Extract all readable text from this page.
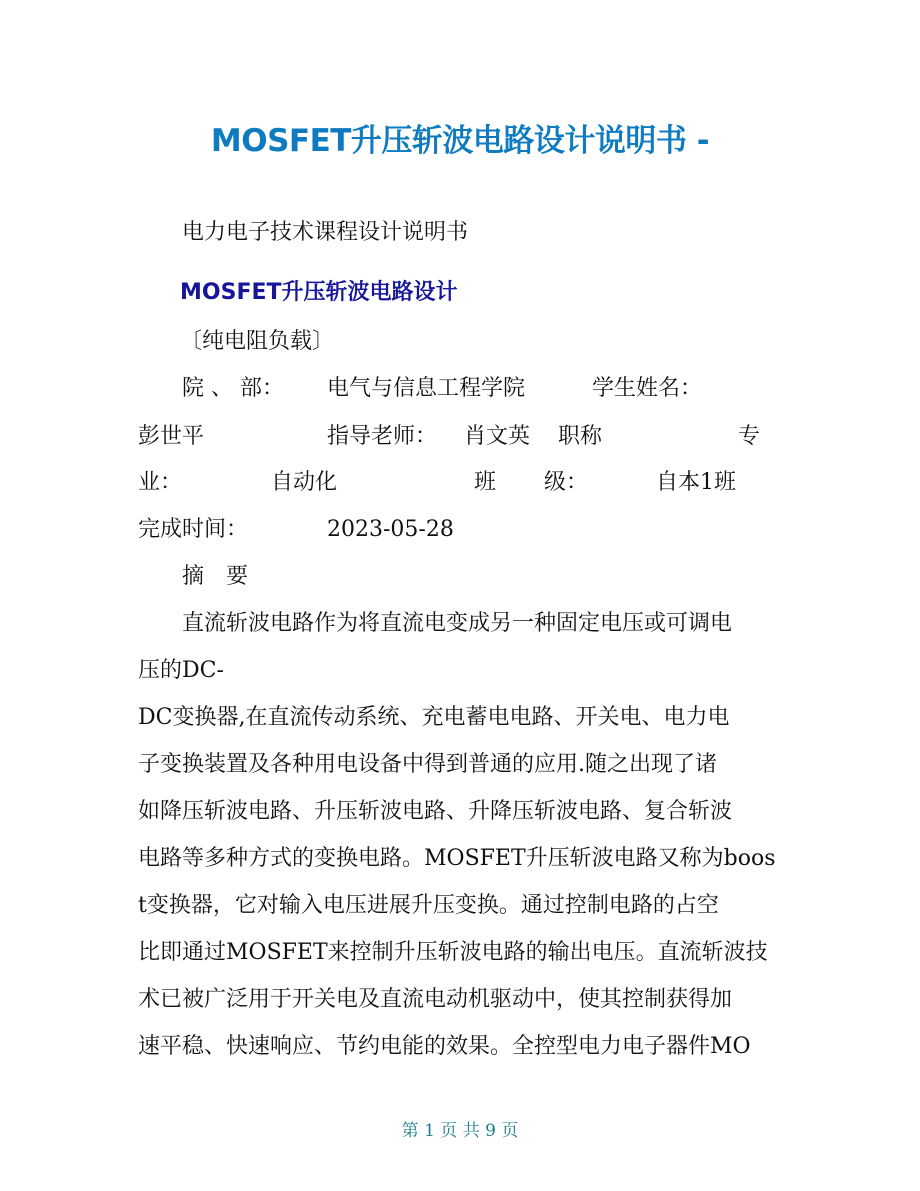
MOSFET升压斩波电路设计说明书 -
电力电子技术课程设计说明书
MOSFET升压斩波电路设计
〔纯电阻负载〕
院 、 部： 电气与信息工程学院	学生姓名：
彭世平	指导老师： 肖文英 职称	专
业：	自动化	班 级：	自本1班
完成时间：	2023-05-28
摘　要
　　直流斩波电路作为将直流电变成另一种固定电压或可调电
压的DC-
DC变换器,在直流传动系统、充电蓄电电路、开关电、电力电
子变换装置及各种用电设备中得到普通的应用.随之出现了诸
如降压斩波电路、升压斩波电路、升降压斩波电路、复合斩波
电路等多种方式的变换电路。MOSFET升压斩波电路又称为boos
t变换器，它对输入电压进展升压变换。通过控制电路的占空
比即通过MOSFET来控制升压斩波电路的输出电压。直流斩波技
术已被广泛用于开关电及直流电动机驱动中，使其控制获得加
速平稳、快速响应、节约电能的效果。全控型电力电子器件MO
第 1 页 共 9 页
